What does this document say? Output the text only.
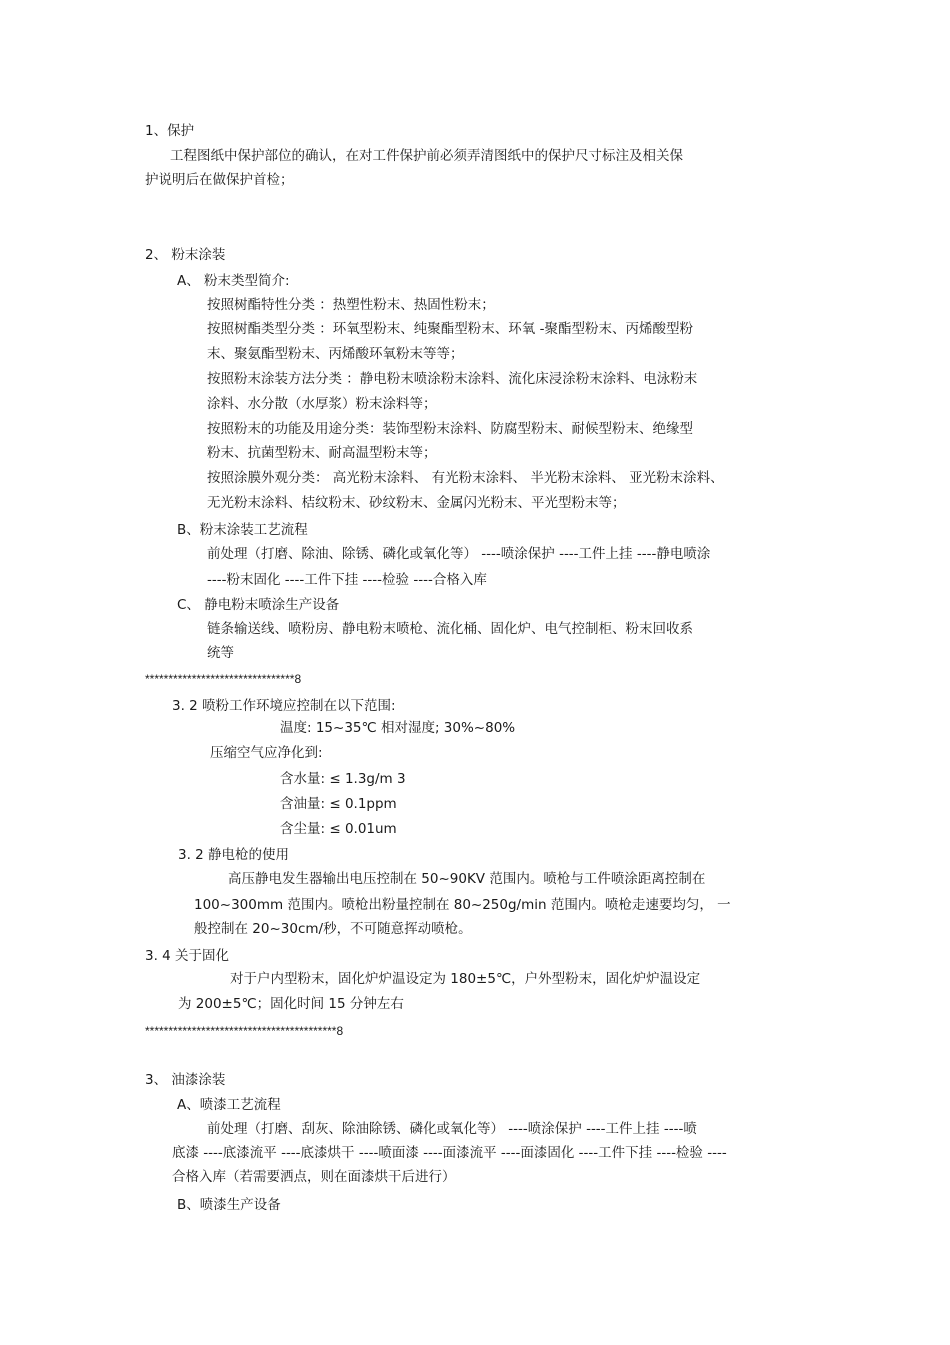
1、保护
工程图纸中保护部位的确认，在对工件保护前必须弄清图纸中的保护尺寸标注及相关保
护说明后在做保护首检；
2、 粉末涂装
A、 粉末类型简介:
按照树酯特性分类 ：热塑性粉末、热固性粉末；
按照树酯类型分类 ：环氧型粉末、纯聚酯型粉末、环氧 -聚酯型粉末、丙烯酸型粉
末、聚氨酯型粉末、丙烯酸环氧粉末等等；
按照粉末涂装方法分类 ：静电粉末喷涂粉末涂料、流化床浸涂粉末涂料、电泳粉末
涂料、水分散（水厚浆）粉末涂料等；
按照粉末的功能及用途分类：装饰型粉末涂料、防腐型粉末、耐候型粉末、绝缘型
粉末、抗菌型粉末、耐高温型粉末等；
按照涂膜外观分类： 高光粉末涂料、 有光粉末涂料、 半光粉末涂料、 亚光粉末涂料、
无光粉末涂料、桔纹粉末、砂纹粉末、金属闪光粉末、平光型粉末等；
B、粉末涂装工艺流程
前处理（打磨、除油、除锈、磷化或氧化等） ----喷涂保护 ----工件上挂 ----静电喷涂
----粉末固化 ----工件下挂 ----检验 ----合格入库
C、 静电粉末喷涂生产设备
链条输送线、喷粉房、静电粉末喷枪、流化桶、固化炉、电气控制柜、粉末回收系
统等
********************************8
3. 2 喷粉工作环境应控制在以下范围:
温度: 15~35℃ 相对湿度; 30%~80%
压缩空气应净化到:
含水量: ≤ 1.3g/m 3
含油量: ≤ 0.1ppm
含尘量: ≤ 0.01um
3. 2 静电枪的使用
高压静电发生器输出电压控制在 50~90KV 范围内。喷枪与工件喷涂距离控制在
100~300mm 范围内。喷枪出粉量控制在 80~250g/min 范围内。喷枪走速要均匀， 一
般控制在 20~30cm/秒，不可随意挥动喷枪。
3. 4 关于固化
对于户内型粉末，固化炉炉温设定为 180±5℃，户外型粉末，固化炉炉温设定
为 200±5℃；固化时间 15 分钟左右
*****************************************8
3、 油漆涂装
A、喷漆工艺流程
前处理（打磨、刮灰、除油除锈、磷化或氧化等） ----喷涂保护 ----工件上挂 ----喷
底漆 ----底漆流平 ----底漆烘干 ----喷面漆 ----面漆流平 ----面漆固化 ----工件下挂 ----检验 ----
合格入库（若需要洒点，则在面漆烘干后进行）
B、喷漆生产设备
